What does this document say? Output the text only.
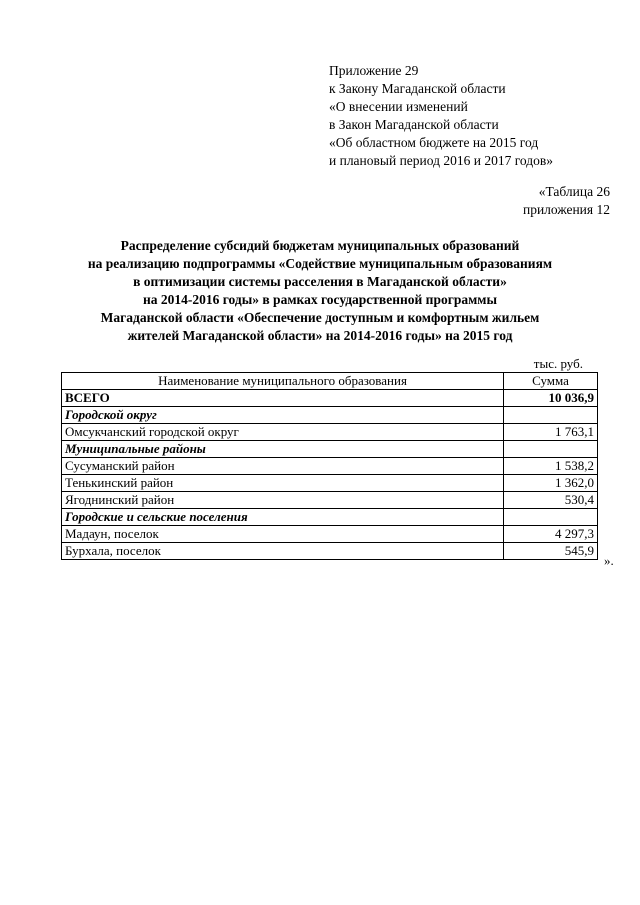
Приложение 29
к Закону Магаданской области
«О внесении изменений
в Закон Магаданской области
«Об областном бюджете на 2015 год
и плановый период 2016 и 2017 годов»
«Таблица 26
приложения 12
Распределение субсидий бюджетам муниципальных образований
на реализацию подпрограммы «Содействие муниципальным образованиям
в оптимизации системы расселения в Магаданской области»
на 2014-2016 годы» в рамках государственной программы
Магаданской области «Обеспечение доступным и комфортным жильем
жителей Магаданской области» на 2014-2016 годы» на 2015 год
тыс. руб.
Наименование муниципального образования	Сумма
ВСЕГО	10 036,9
Городской округ	
Омсукчанский городской округ	1 763,1
Муниципальные районы	
Сусуманский район	1 538,2
Тенькинский район	1 362,0
Ягоднинский район	530,4
Городские и сельские поселения	
Мадаун, поселок	4 297,3
Бурхала, поселок	545,9
».
